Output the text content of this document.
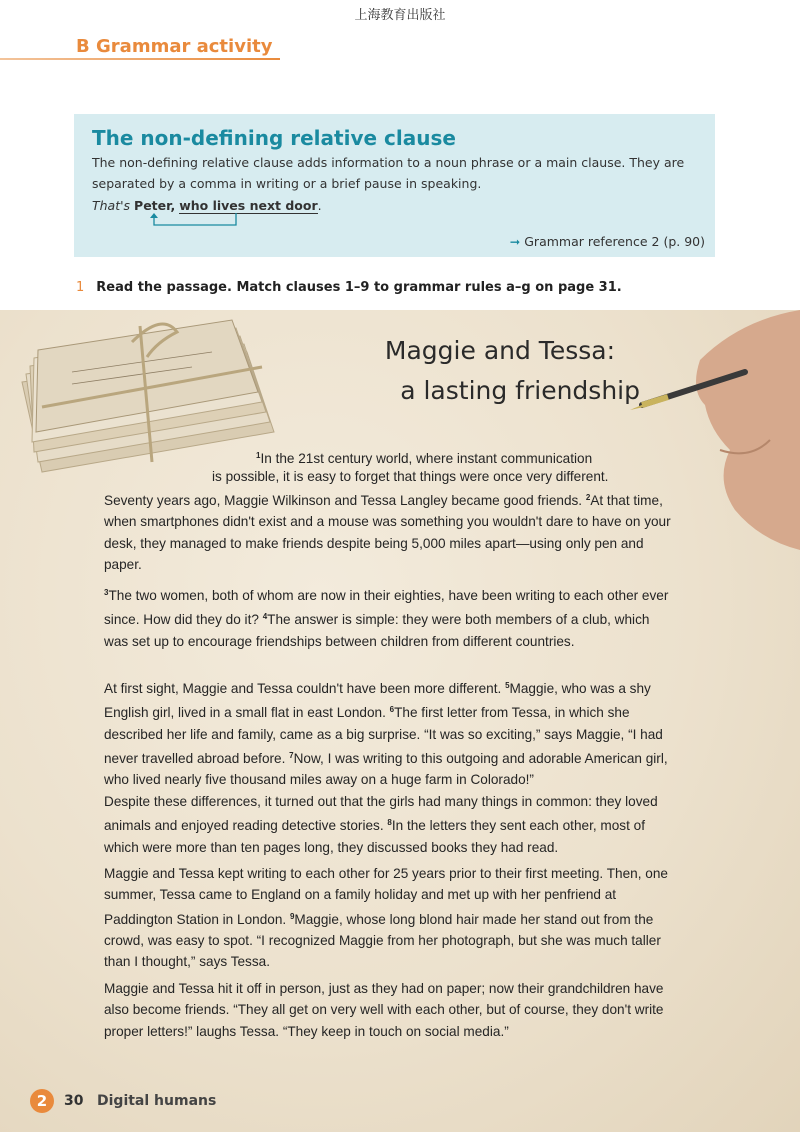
上海教育出版社
B Grammar activity
The non-defining relative clause
The non-defining relative clause adds information to a noun phrase or a main clause. They are separated by a comma in writing or a brief pause in speaking.
That's Peter, who lives next door.
➞ Grammar reference 2 (p. 90)
1 Read the passage. Match clauses 1–9 to grammar rules a–g on page 31.
Maggie and Tessa:
a lasting friendship
$^1$In the 21st century world, where instant communication
is possible, it is easy to forget that things were once very different.
Seventy years ago, Maggie Wilkinson and Tessa Langley became good friends. $^2$At that time, when smartphones didn't exist and a mouse was something you wouldn't dare to have on your desk, they managed to make friends despite being 5,000 miles apart—using only pen and paper.
$^3$The two women, both of whom are now in their eighties, have been writing to each other ever since. How did they do it? $^4$The answer is simple: they were both members of a club, which was set up to encourage friendships between children from different countries.
At first sight, Maggie and Tessa couldn't have been more different. $^5$Maggie, who was a shy English girl, lived in a small flat in east London. $^6$The first letter from Tessa, in which she described her life and family, came as a big surprise. “It was so exciting,” says Maggie, “I had never travelled abroad before. $^7$Now, I was writing to this outgoing and adorable American girl, who lived nearly five thousand miles away on a huge farm in Colorado!”
Despite these differences, it turned out that the girls had many things in common: they loved animals and enjoyed reading detective stories. $^8$In the letters they sent each other, most of which were more than ten pages long, they discussed books they had read.
Maggie and Tessa kept writing to each other for 25 years prior to their first meeting. Then, one summer, Tessa came to England on a family holiday and met up with her penfriend at Paddington Station in London. $^9$Maggie, whose long blond hair made her stand out from the crowd, was easy to spot. “I recognized Maggie from her photograph, but she was much taller than I thought,” says Tessa.
Maggie and Tessa hit it off in person, just as they had on paper; now their grandchildren have also become friends. “They all get on very well with each other, but of course, they don't write proper letters!” laughs Tessa. “They keep in touch on social media.”
2	30 Digital humans
